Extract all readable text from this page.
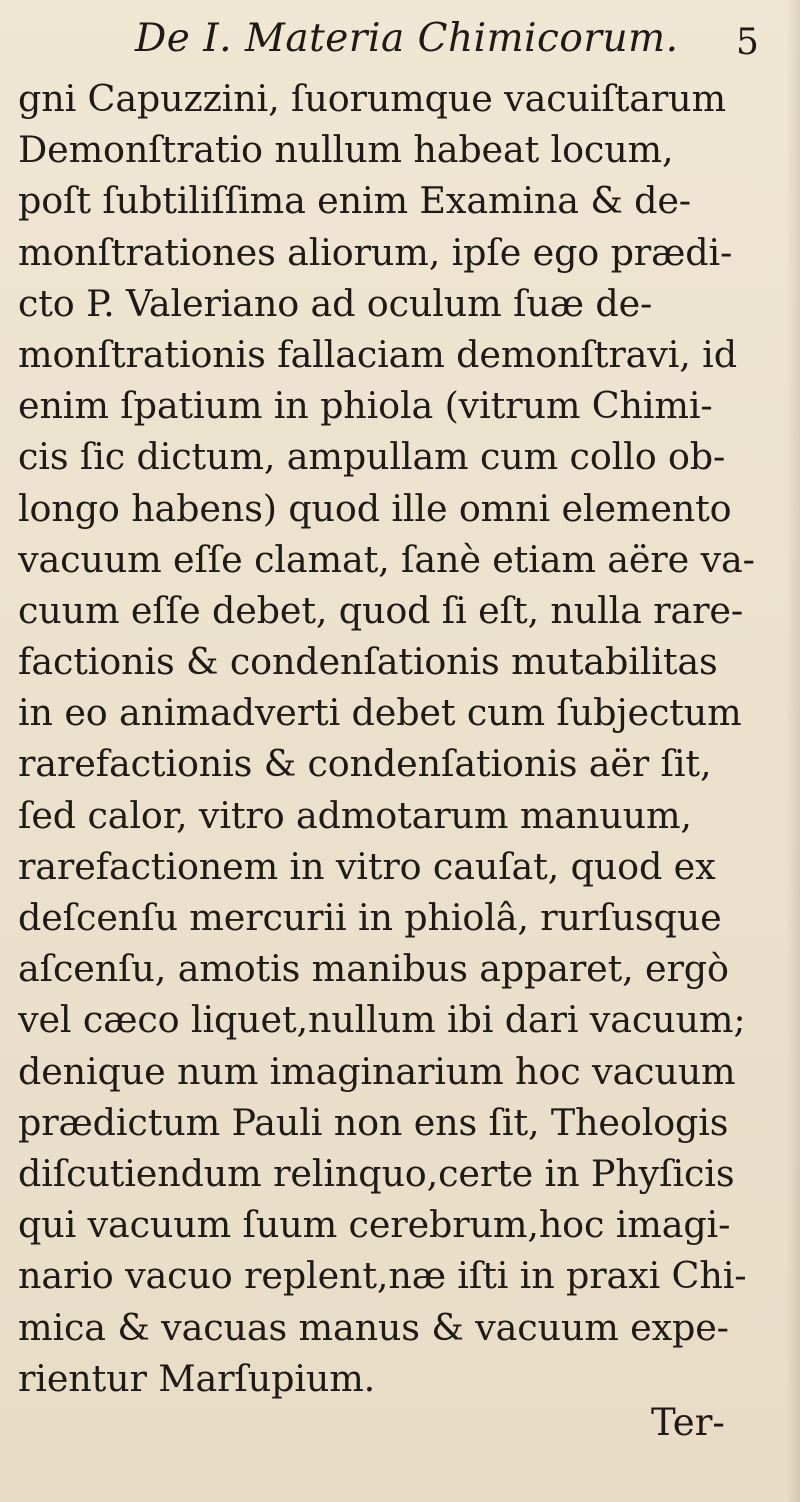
De I. Materia Chimicorum. 5
gni Capuzzini, ſuorumque vacuiſtarum
Demonſtratio nullum habeat locum,
poſt ſubtiliſſima enim Examina & de-
monſtrationes aliorum, ipſe ego prædi-
cto P. Valeriano ad oculum ſuæ de-
monſtrationis fallaciam demonſtravi, id
enim ſpatium in phiola (vitrum Chimi-
cis ſic dictum, ampullam cum collo ob-
longo habens) quod ille omni elemento
vacuum eſſe clamat, ſanè etiam aëre va-
cuum eſſe debet, quod ſi eſt, nulla rare-
factionis & condenſationis mutabilitas
in eo animadverti debet cum ſubjectum
rarefactionis & condenſationis aër ſit,
ſed calor, vitro admotarum manuum,
rarefactionem in vitro cauſat, quod ex
deſcenſu mercurii in phiolâ, rurſusque
aſcenſu, amotis manibus apparet, ergò
vel cæco liquet,nullum ibi dari vacuum;
denique num imaginarium hoc vacuum
prædictum Pauli non ens ſit, Theologis
diſcutiendum relinquo,certe in Phyſicis
qui vacuum ſuum cerebrum,hoc imagi-
nario vacuo replent,næ iſti in praxi Chi-
mica & vacuas manus & vacuum expe-
rientur Marſupium.
Ter-
